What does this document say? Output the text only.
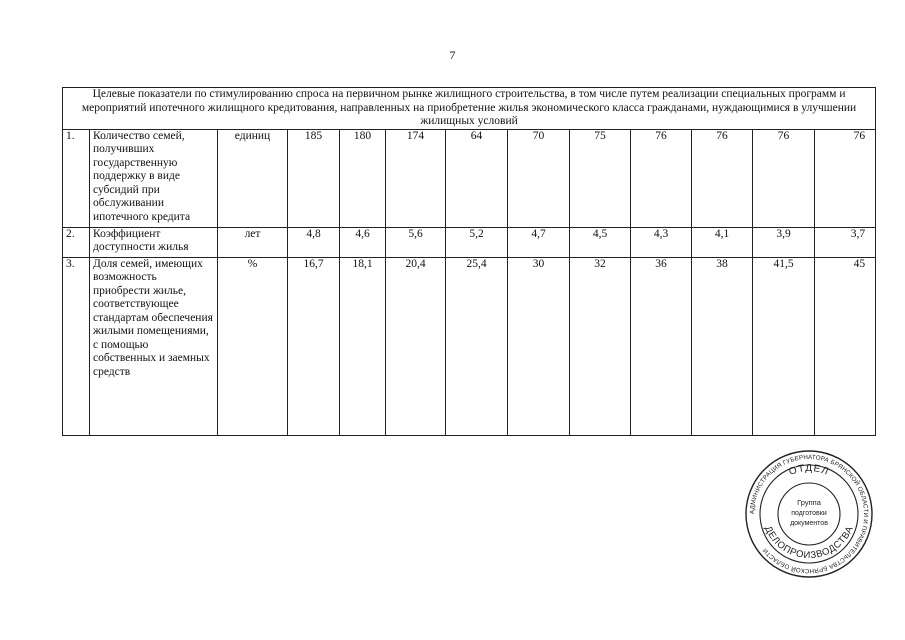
7
Целевые показатели по стимулированию спроса на первичном рынке жилищного строительства, в том числе путем реализации специальных программ и мероприятий ипотечного жилищного кредитования, направленных на приобретение жилья экономического класса гражданами, нуждающимися в улучшении жилищных условий												
1.	Количество семей, получивших государственную поддержку в виде субсидий при обслуживании ипотечного кредита	единиц	185	180	174	64	70	75	76	76	76	76
2.	Коэффициент доступности жилья	лет	4,8	4,6	5,6	5,2	4,7	4,5	4,3	4,1	3,9	3,7
3.	Доля семей, имеющих возможность приобрести жилье, соответствующее стандартам обеспечения жилыми помещениями, с помощью собственных и заемных средств	%	16,7	18,1	20,4	25,4	30	32	36	38	41,5	45
АДМИНИСТРАЦИЯ ГУБЕРНАТОРА БРЯНСКОЙ ОБЛАСТИ И ПРАВИТЕЛЬСТВА БРЯНСКОЙ ОБЛАСТИ
ОТДЕЛ
ДЕЛОПРОИЗВОДСТВА
Группа
подготовки
документов
